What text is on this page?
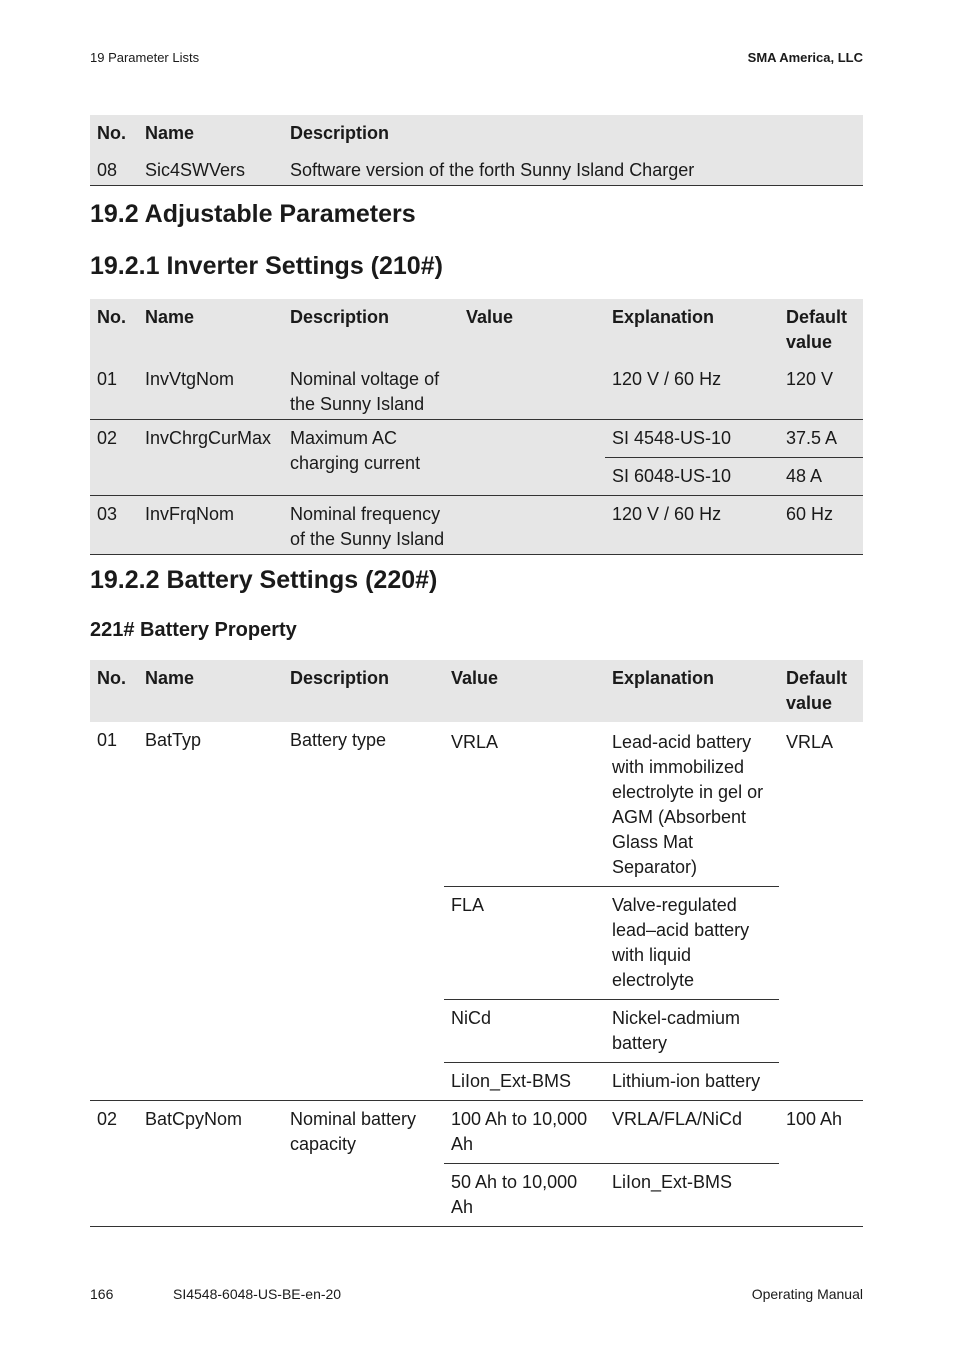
19 Parameter Lists	SMA America, LLC
No.	Name	Description
08	Sic4SWVers	Software version of the forth Sunny Island Charger
19.2 Adjustable Parameters
19.2.1 Inverter Settings (210#)
No.	Name	Description	Value	Explanation	Default value
01	InvVtgNom	Nominal voltage of the Sunny Island		120 V / 60 Hz	120 V
02	InvChrgCurMax	Maximum AC charging current		SI 4548-US-10	37.5 A
				SI 6048-US-10	48 A
03	InvFrqNom	Nominal frequency of the Sunny Island		120 V / 60 Hz	60 Hz
19.2.2 Battery Settings (220#)
221# Battery Property
No.	Name	Description	Value	Explanation	Default value
01	BatTyp	Battery type	VRLA	Lead-acid battery with immobilized electrolyte in gel or AGM (Absorbent Glass Mat Separator)	VRLA
			FLA	Valve-regulated lead–acid battery with liquid electrolyte	
			NiCd	Nickel-cadmium battery	
			LiIon_Ext-BMS	Lithium-ion battery	
02	BatCpyNom	Nominal battery capacity	100 Ah to 10,000 Ah	VRLA/FLA/NiCd	100 Ah
			50 Ah to 10,000 Ah	LiIon_Ext-BMS	
166	SI4548-6048-US-BE-en-20	Operating Manual
